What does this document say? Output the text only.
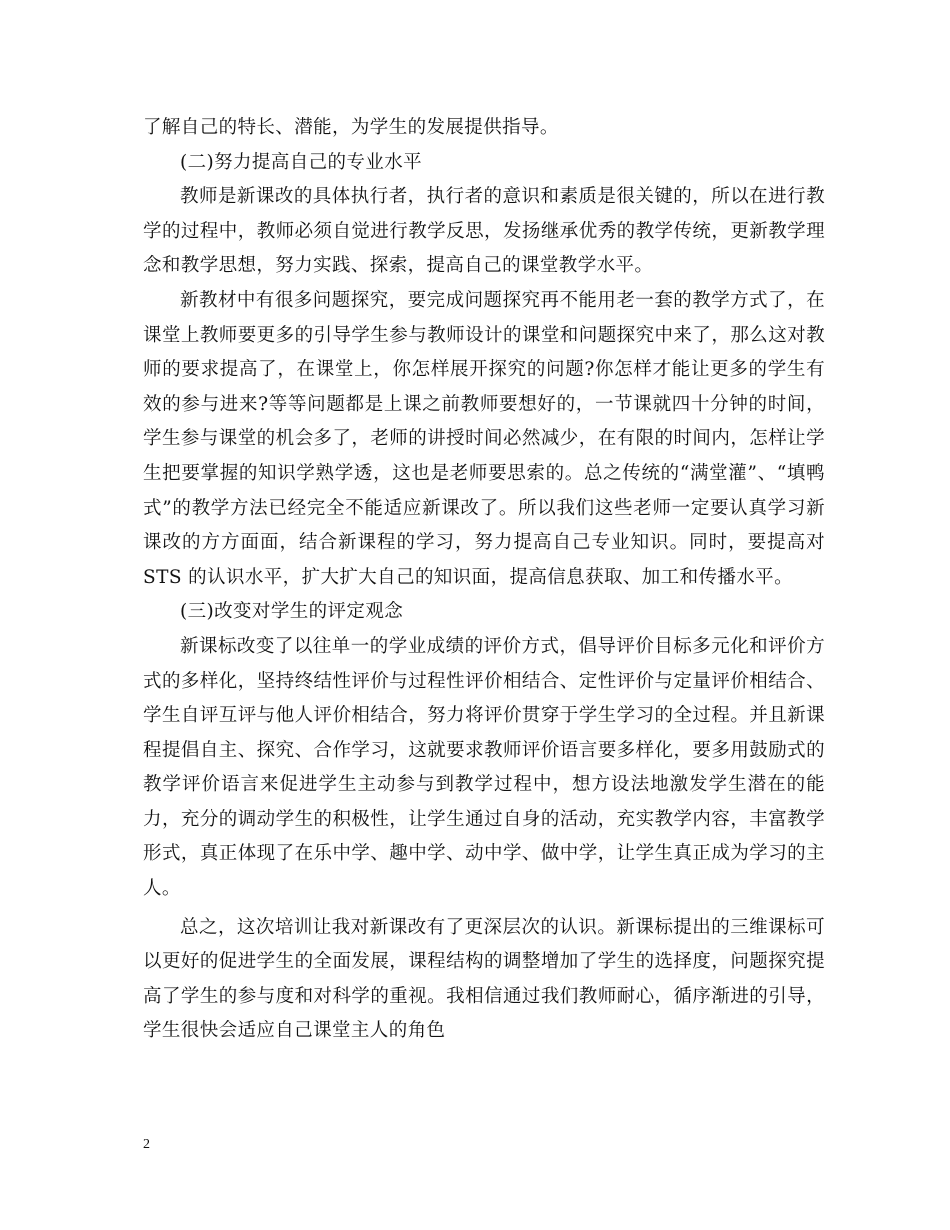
了解自己的特长、潜能，为学生的发展提供指导。

(二)努力提高自己的专业水平

教师是新课改的具体执行者，执行者的意识和素质是很关键的，所以在进行教学的过程中，教师必须自觉进行教学反思，发扬继承优秀的教学传统，更新教学理念和教学思想，努力实践、探索，提高自己的课堂教学水平。

新教材中有很多问题探究，要完成问题探究再不能用老一套的教学方式了，在课堂上教师要更多的引导学生参与教师设计的课堂和问题探究中来了，那么这对教师的要求提高了，在课堂上，你怎样展开探究的问题?你怎样才能让更多的学生有效的参与进来?等等问题都是上课之前教师要想好的，一节课就四十分钟的时间，学生参与课堂的机会多了，老师的讲授时间必然减少，在有限的时间内，怎样让学生把要掌握的知识学熟学透，这也是老师要思索的。总之传统的“满堂灌”、“填鸭式”的教学方法已经完全不能适应新课改了。所以我们这些老师一定要认真学习新课改的方方面面，结合新课程的学习，努力提高自己专业知识。同时，要提高对 STS 的认识水平，扩大扩大自己的知识面，提高信息获取、加工和传播水平。

(三)改变对学生的评定观念

新课标改变了以往单一的学业成绩的评价方式，倡导评价目标多元化和评价方式的多样化，坚持终结性评价与过程性评价相结合、定性评价与定量评价相结合、学生自评互评与他人评价相结合，努力将评价贯穿于学生学习的全过程。并且新课程提倡自主、探究、合作学习，这就要求教师评价语言要多样化，要多用鼓励式的教学评价语言来促进学生主动参与到教学过程中，想方设法地激发学生潜在的能力，充分的调动学生的积极性，让学生通过自身的活动，充实教学内容，丰富教学形式，真正体现了在乐中学、趣中学、动中学、做中学，让学生真正成为学习的主人。

总之，这次培训让我对新课改有了更深层次的认识。新课标提出的三维课标可以更好的促进学生的全面发展，课程结构的调整增加了学生的选择度，问题探究提高了学生的参与度和对科学的重视。我相信通过我们教师耐心，循序渐进的引导，学生很快会适应自己课堂主人的角色

2
